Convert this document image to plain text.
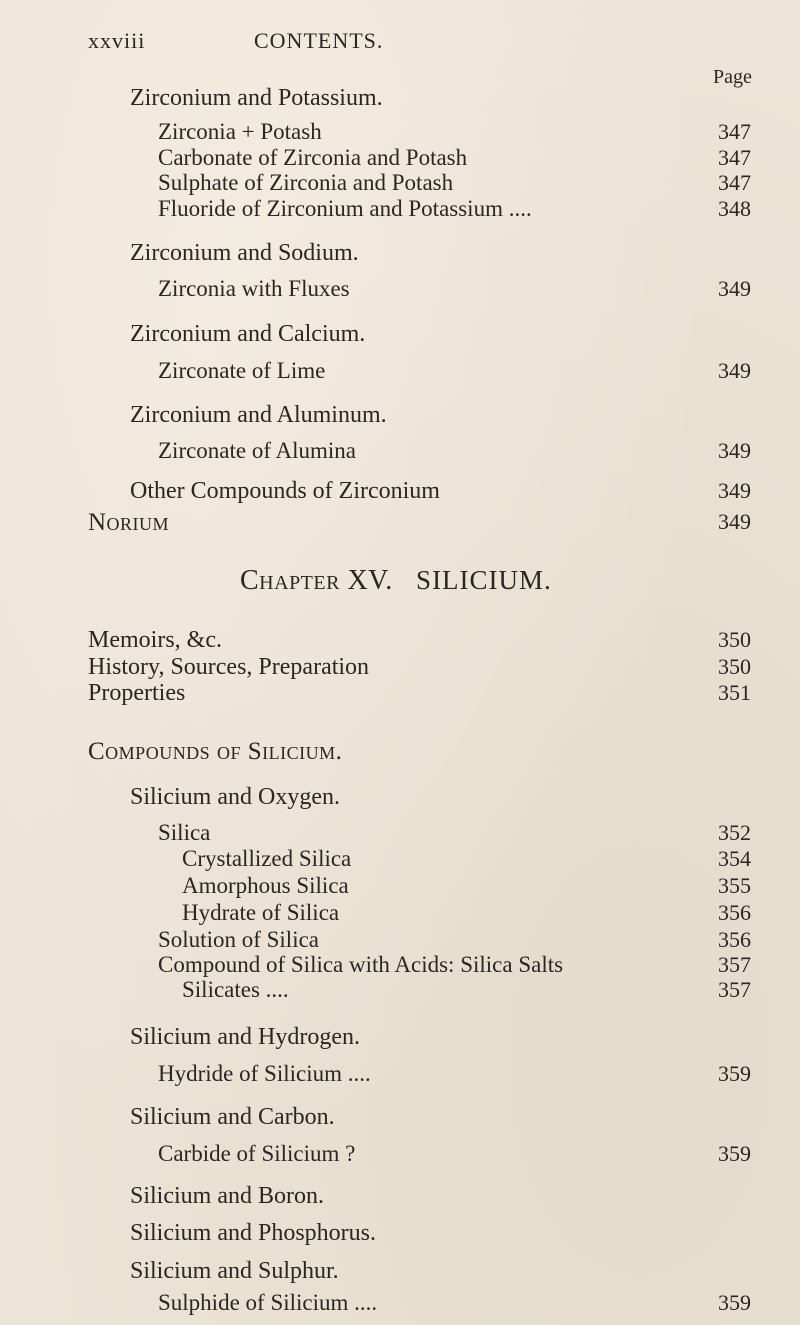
xxviii	CONTENTS.
Page
Zirconium and Potassium.
Zirconia + Potash	347
Carbonate of Zirconia and Potash	347
Sulphate of Zirconia and Potash	347
Fluoride of Zirconium and Potassium ....	348
Zirconium and Sodium.
Zirconia with Fluxes	349
Zirconium and Calcium.
Zirconate of Lime	349
Zirconium and Aluminum.
Zirconate of Alumina	349
Other Compounds of Zirconium	349
Norium	349
Chapter XV. SILICIUM.
Memoirs, &c.	350
History, Sources, Preparation	350
Properties	351
Compounds of Silicium.
Silicium and Oxygen.
Silica	352
Crystallized Silica	354
Amorphous Silica	355
Hydrate of Silica	356
Solution of Silica	356
Compound of Silica with Acids: Silica Salts	357
Silicates ....	357
Silicium and Hydrogen.
Hydride of Silicium ....	359
Silicium and Carbon.
Carbide of Silicium ?	359
Silicium and Boron.
Silicium and Phosphorus.
Silicium and Sulphur.
Sulphide of Silicium ....	359
